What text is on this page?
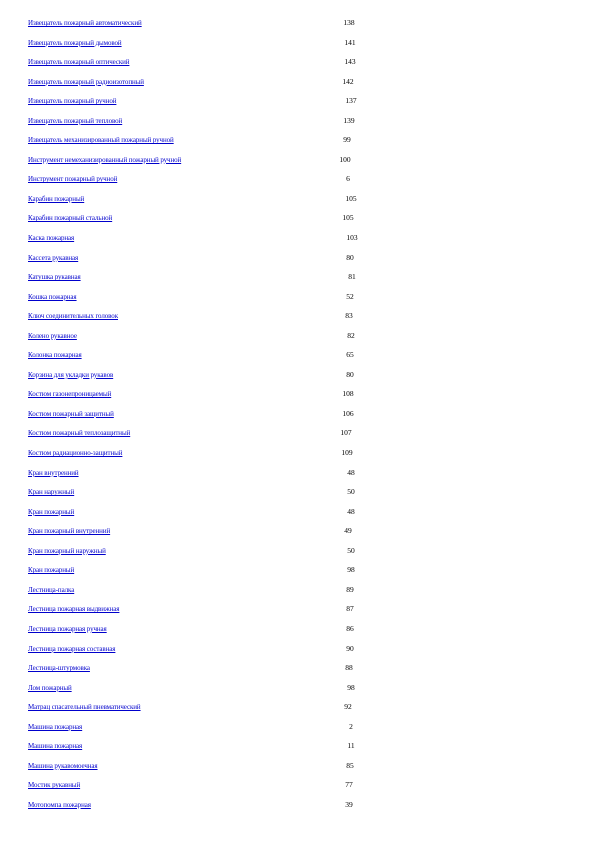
Извещатель пожарный автоматический	138
Извещатель пожарный дымовой	141
Извещатель пожарный оптический	143
Извещатель пожарный радиоизотопный	142
Извещатель пожарный ручной	137
Извещатель пожарный тепловой	139
Извещатель механизированный пожарный ручной	99
Инструмент немеханизированный пожарный ручной	100
Инструмент пожарный ручной	6
Карабин пожарный	105
Карабин пожарный стальной	105
Каска пожарная	103
Кассета рукавная	80
Катушка рукавная	81
Кошка пожарная	52
Ключ соединительных головок	83
Колено рукавное	82
Колонка пожарная	65
Корзина для укладки рукавов	80
Костюм газонепроницаемый	108
Костюм пожарный защитный	106
Костюм пожарный теплозащитный	107
Костюм радиационно-защитный	109
Кран внутренний	48
Кран наружный	50
Кран пожарный	48
Кран пожарный внутренний	49
Кран пожарный наружный	50
Кран пожарный	98
Лестница-палка	89
Лестница пожарная выдвижная	87
Лестница пожарная ручная	86
Лестница пожарная составная	90
Лестница-штурмовка	88
Лом пожарный	98
Матрац спасательный пневматический	92
Машина пожарная	2
Машина пожарная	11
Машина рукавомоечная	85
Мостик рукавный	77
Мотопомпа пожарная	39
